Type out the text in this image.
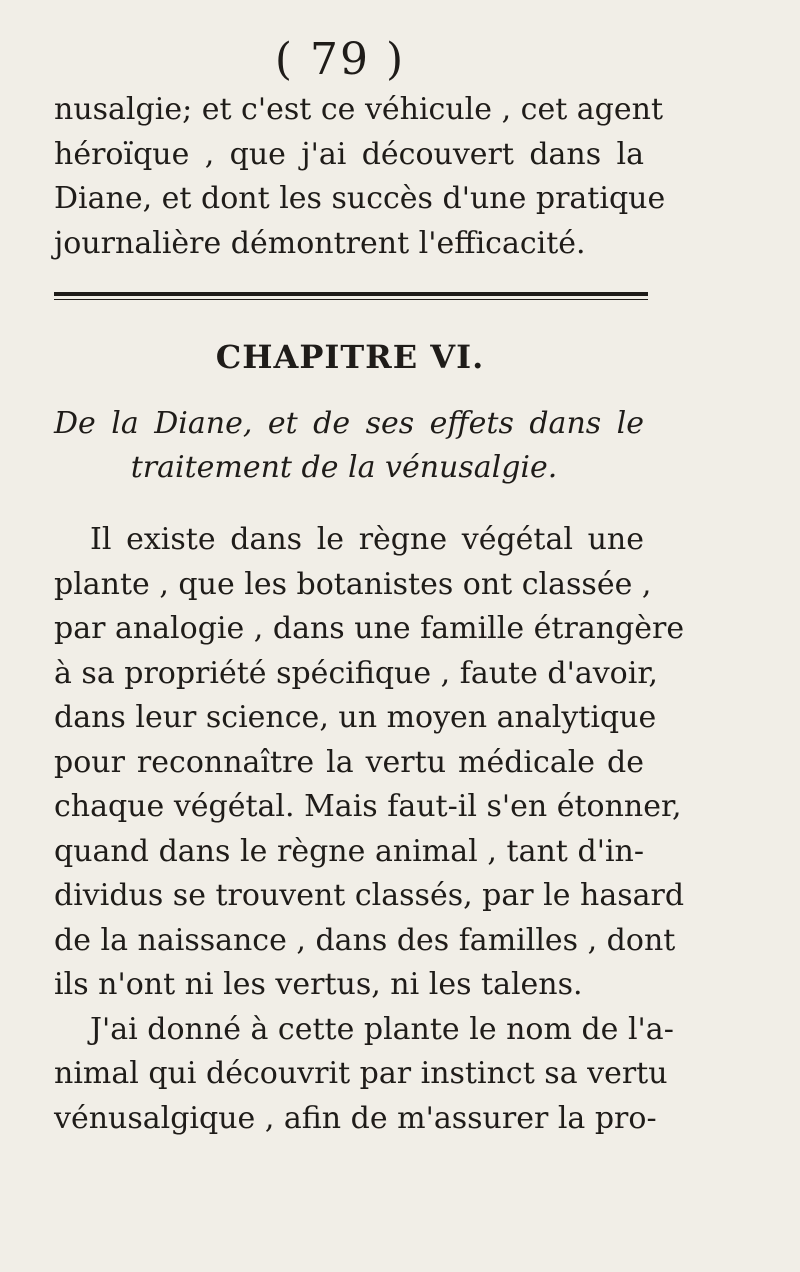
( 79 )
nusalgie; et c'est ce véhicule , cet agent
héroïque , que j'ai découvert dans la
Diane, et dont les succès d'une pratique
journalière démontrent l'efficacité.
CHAPITRE VI.
De la Diane, et de ses effets dans le
traitement de la vénusalgie.
Il existe dans le règne végétal une
plante , que les botanistes ont classée ,
par analogie , dans une famille étrangère
à sa propriété spécifique , faute d'avoir,
dans leur science, un moyen analytique
pour reconnaître la vertu médicale de
chaque végétal. Mais faut-il s'en étonner,
quand dans le règne animal , tant d'in-
dividus se trouvent classés, par le hasard
de la naissance , dans des familles , dont
ils n'ont ni les vertus, ni les talens.
J'ai donné à cette plante le nom de l'a-
nimal qui découvrit par instinct sa vertu
vénusalgique , afin de m'assurer la pro-
